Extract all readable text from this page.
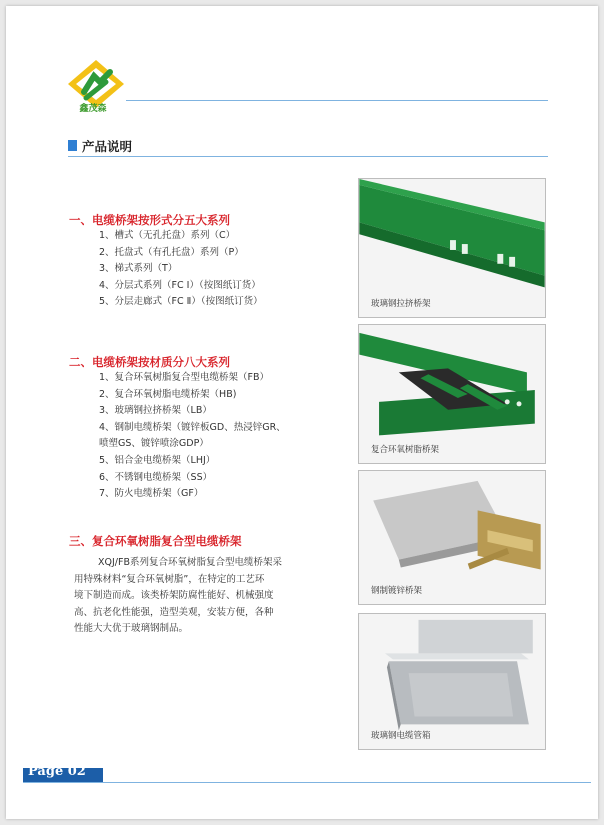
鑫茂森
产品说明
一、电缆桥架按形式分五大系列
1、槽式（无孔托盘）系列（C）
2、托盘式（有孔托盘）系列（P）
3、梯式系列（T）
4、分层式系列（FC Ⅰ）（按图纸订货）
5、分层走廊式（FC Ⅱ）（按图纸订货）
二、电缆桥架按材质分八大系列
1、复合环氧树脂复合型电缆桥架（FB）
2、复合环氧树脂电缆桥架（HB)
3、玻璃钢拉挤桥架（LB）
4、钢制电缆桥架（镀锌板GD、热浸锌GR、
喷塑GS、镀锌喷涂GDP）
5、铝合金电缆桥架（LHJ）
6、不锈钢电缆桥架（SS）
7、防火电缆桥架（GF）
三、复合环氧树脂复合型电缆桥架

XQJ/FB系列复合环氧树脂复合型电缆桥架采

用特殊材料“复合环氧树脂”，在特定的工艺环

境下制造而成。该类桥架防腐性能好、机械强度

高、抗老化性能强，造型美观，安装方便，各种

性能大大优于玻璃钢制品。

玻璃钢拉挤桥架
复合环氧树脂桥架
钢制镀锌桥架
玻璃钢电缆管箱
Page 02
